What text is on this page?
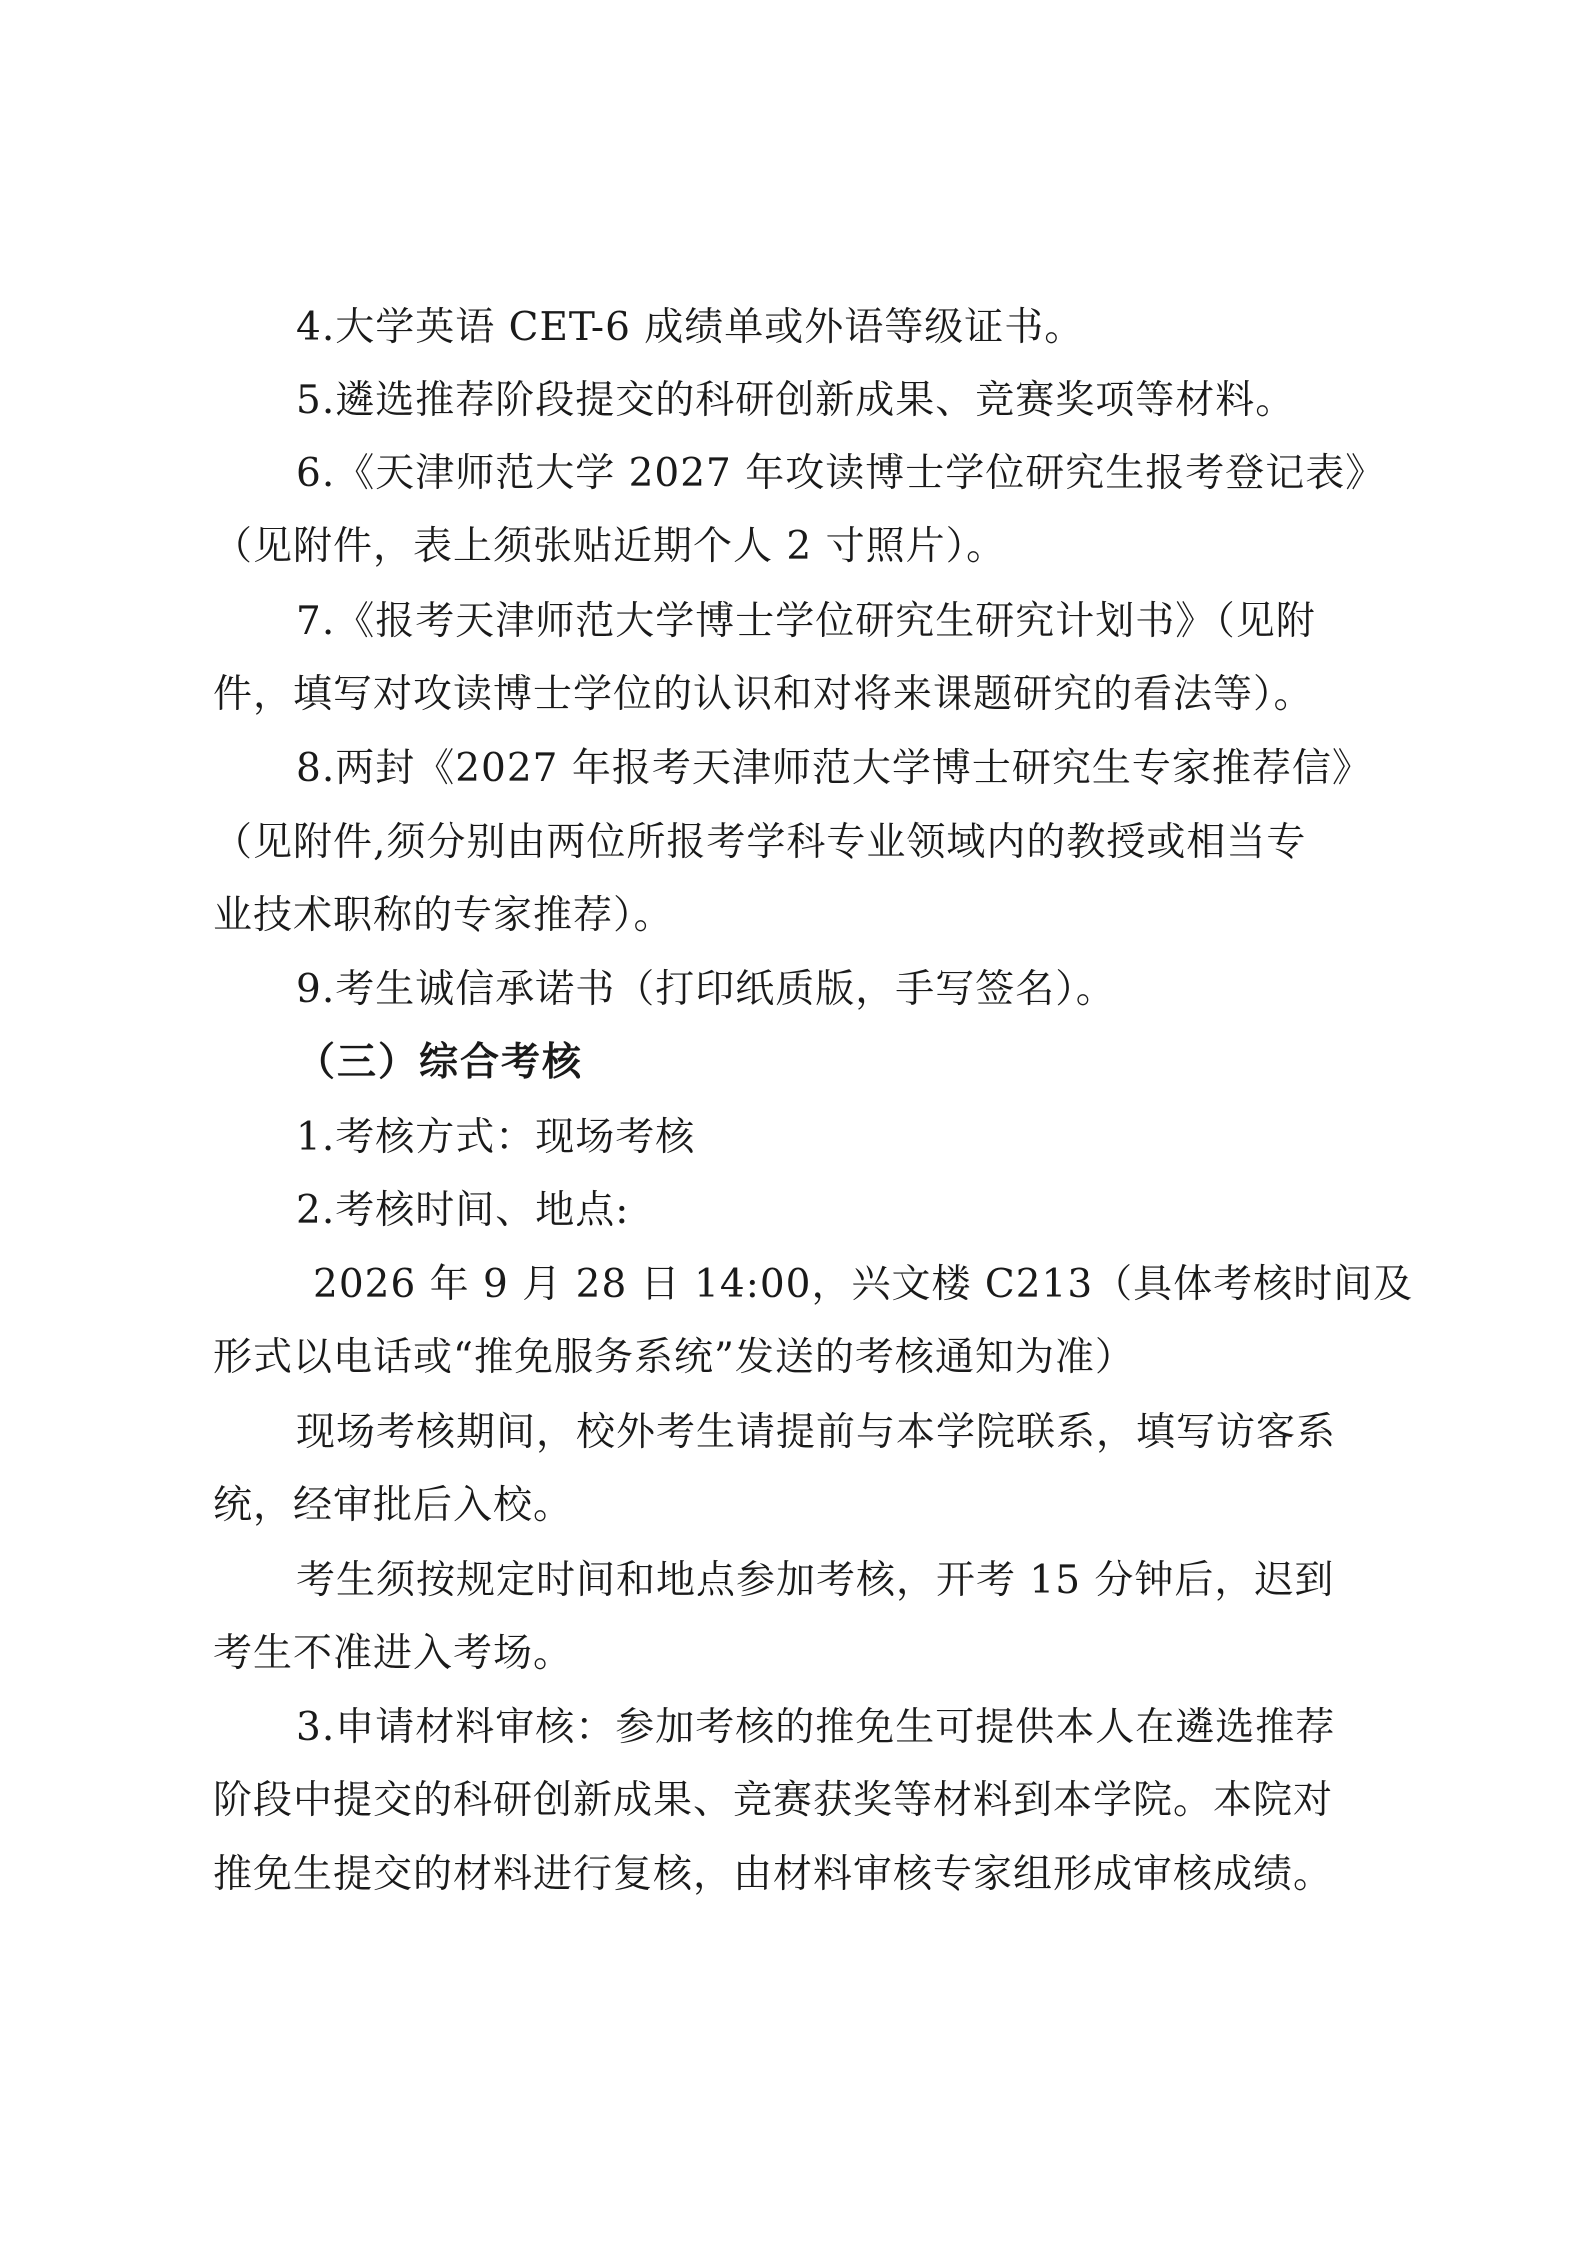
4.大学英语 CET-6 成绩单或外语等级证书。
5.遴选推荐阶段提交的科研创新成果、竞赛奖项等材料。
6.《天津师范大学 2027 年攻读博士学位研究生报考登记表》
（见附件，表上须张贴近期个人 2 寸照片）。
7.《报考天津师范大学博士学位研究生研究计划书》（见附
件，填写对攻读博士学位的认识和对将来课题研究的看法等）。
8.两封《2027 年报考天津师范大学博士研究生专家推荐信》
（见附件,须分别由两位所报考学科专业领域内的教授或相当专
业技术职称的专家推荐）。
9.考生诚信承诺书（打印纸质版，手写签名）。
（三）综合考核
1.考核方式：现场考核
2.考核时间、地点:
2026 年 9 月 28 日 14:00，兴文楼 C213（具体考核时间及
形式以电话或“推免服务系统”发送的考核通知为准）
现场考核期间，校外考生请提前与本学院联系，填写访客系
统，经审批后入校。
考生须按规定时间和地点参加考核，开考 15 分钟后，迟到
考生不准进入考场。
3.申请材料审核：参加考核的推免生可提供本人在遴选推荐
阶段中提交的科研创新成果、竞赛获奖等材料到本学院。本院对
推免生提交的材料进行复核，由材料审核专家组形成审核成绩。
